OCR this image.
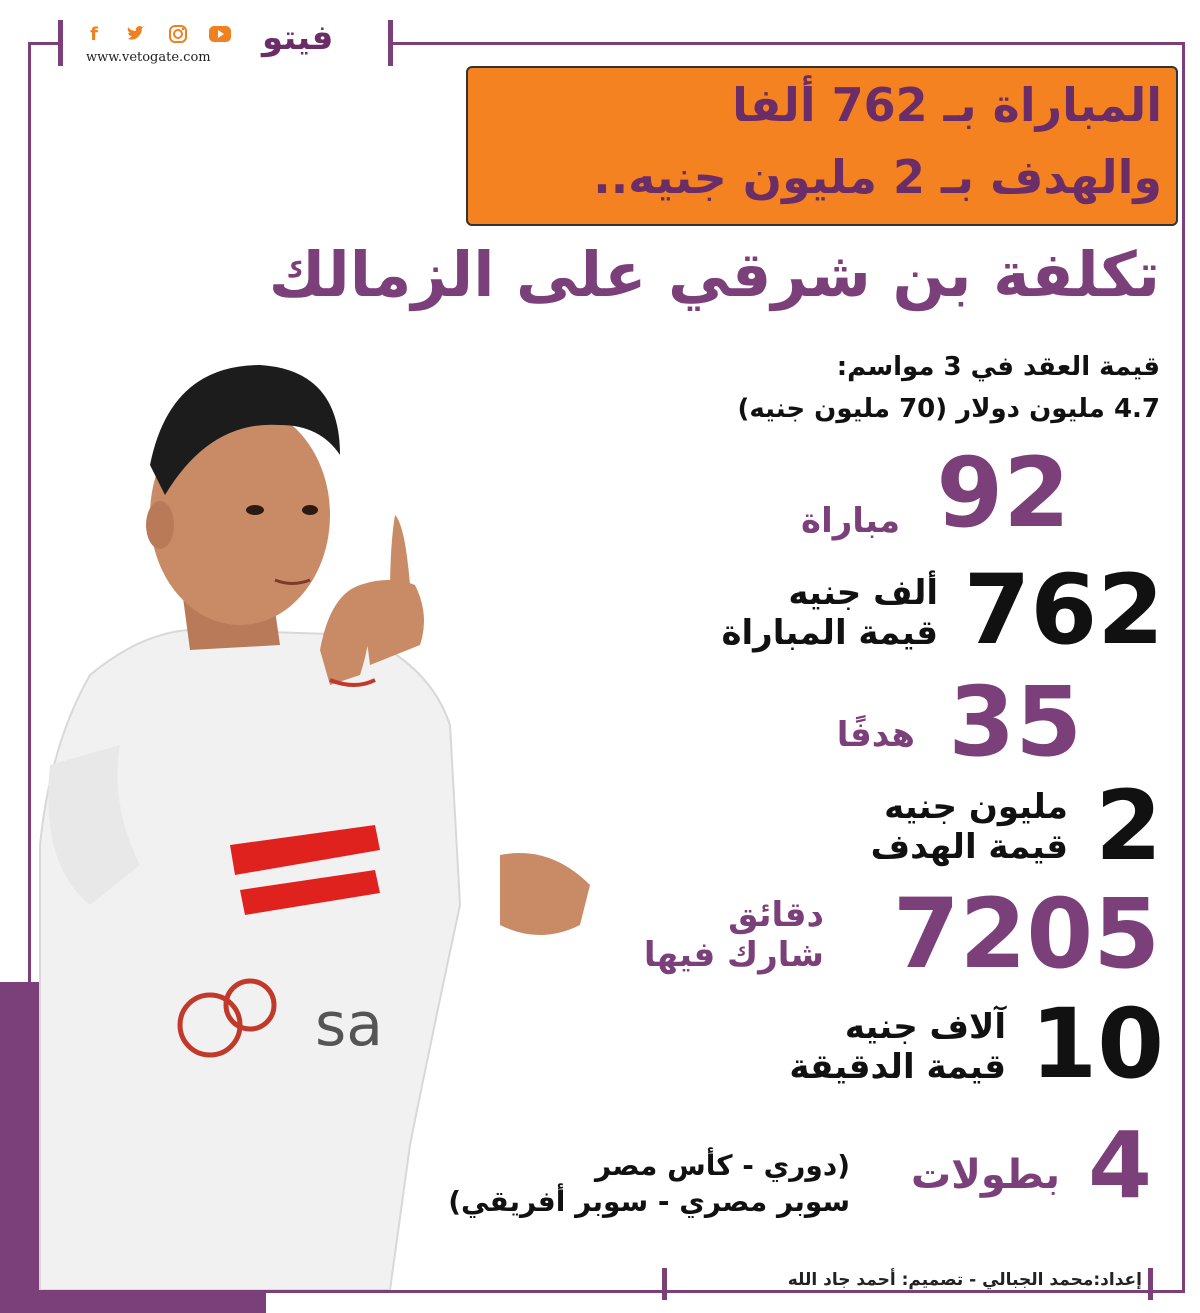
f
www.vetogate.com فيتو
المباراة بـ 762 ألفا
والهدف بـ 2 مليون جنيه..
تكلفة بن شرقي على الزمالك
قيمة العقد في 3 مواسم:
4.7 مليون دولار (70 مليون جنيه)
sa
92
مباراة
762
ألف جنيه
قيمة المباراة
35
هدفًا
2
مليون جنيه
قيمة الهدف
7205
دقائق
شارك فيها
10
آلاف جنيه
قيمة الدقيقة
4
بطولات
(دوري - كأس مصر
سوبر مصري - سوبر أفريقي)
إعداد:محمد الجبالي - تصميم: أحمد جاد الله
